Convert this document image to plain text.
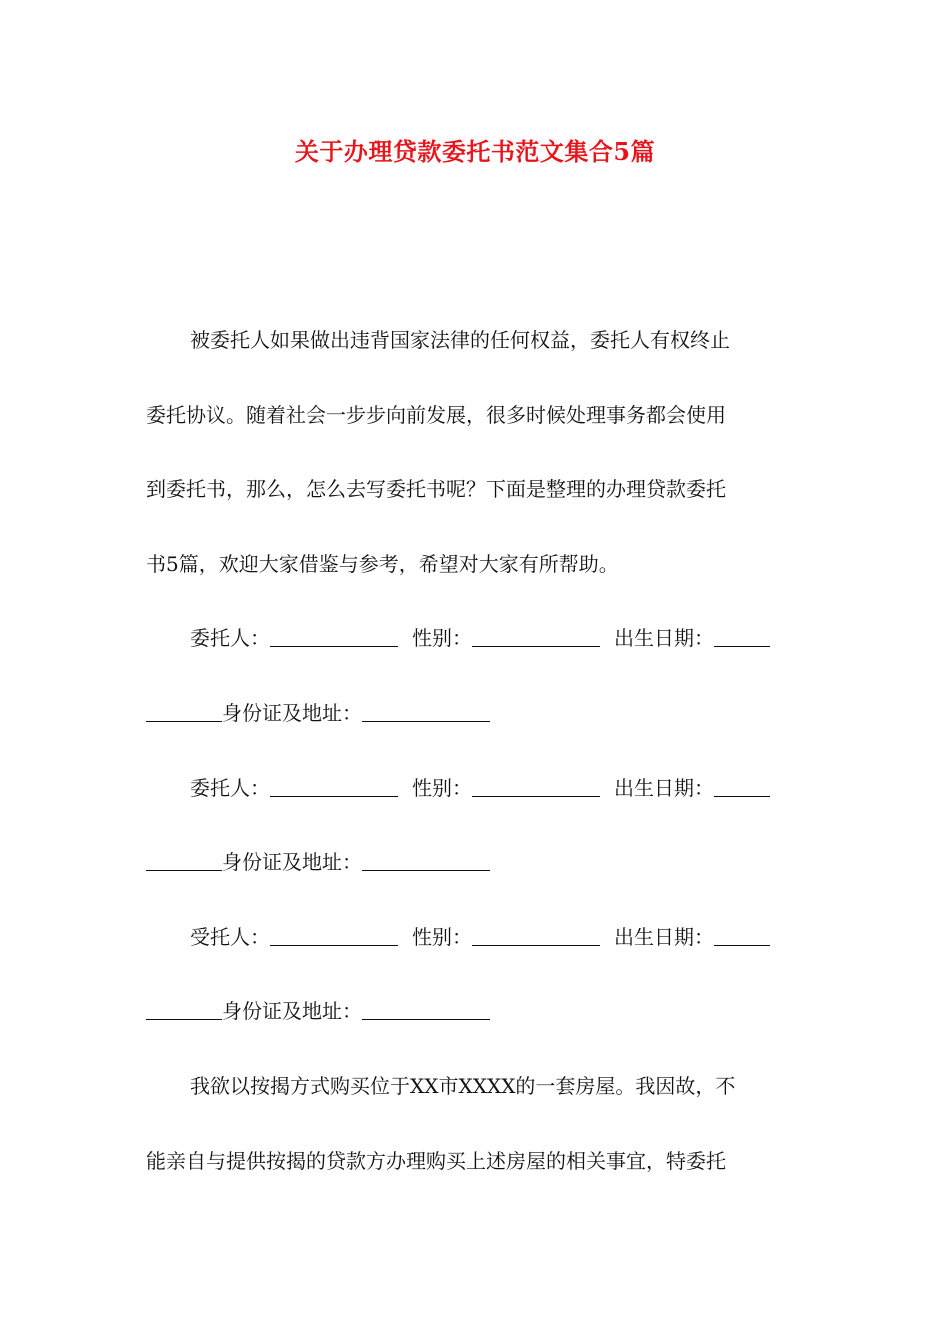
关于办理贷款委托书范文集合5篇
被委托人如果做出违背国家法律的任何权益，委托人有权终止
委托协议。随着社会一步步向前发展，很多时候处理事务都会使用
到委托书，那么，怎么去写委托书呢？下面是整理的办理贷款委托
书5篇，欢迎大家借鉴与参考，希望对大家有所帮助。
委托人：	性别：	出生日期：
身份证及地址：
委托人：	性别：	出生日期：
身份证及地址：
受托人：	性别：	出生日期：
身份证及地址：
我欲以按揭方式购买位于XX市XXXX的一套房屋。我因故，不
能亲自与提供按揭的贷款方办理购买上述房屋的相关事宜，特委托
